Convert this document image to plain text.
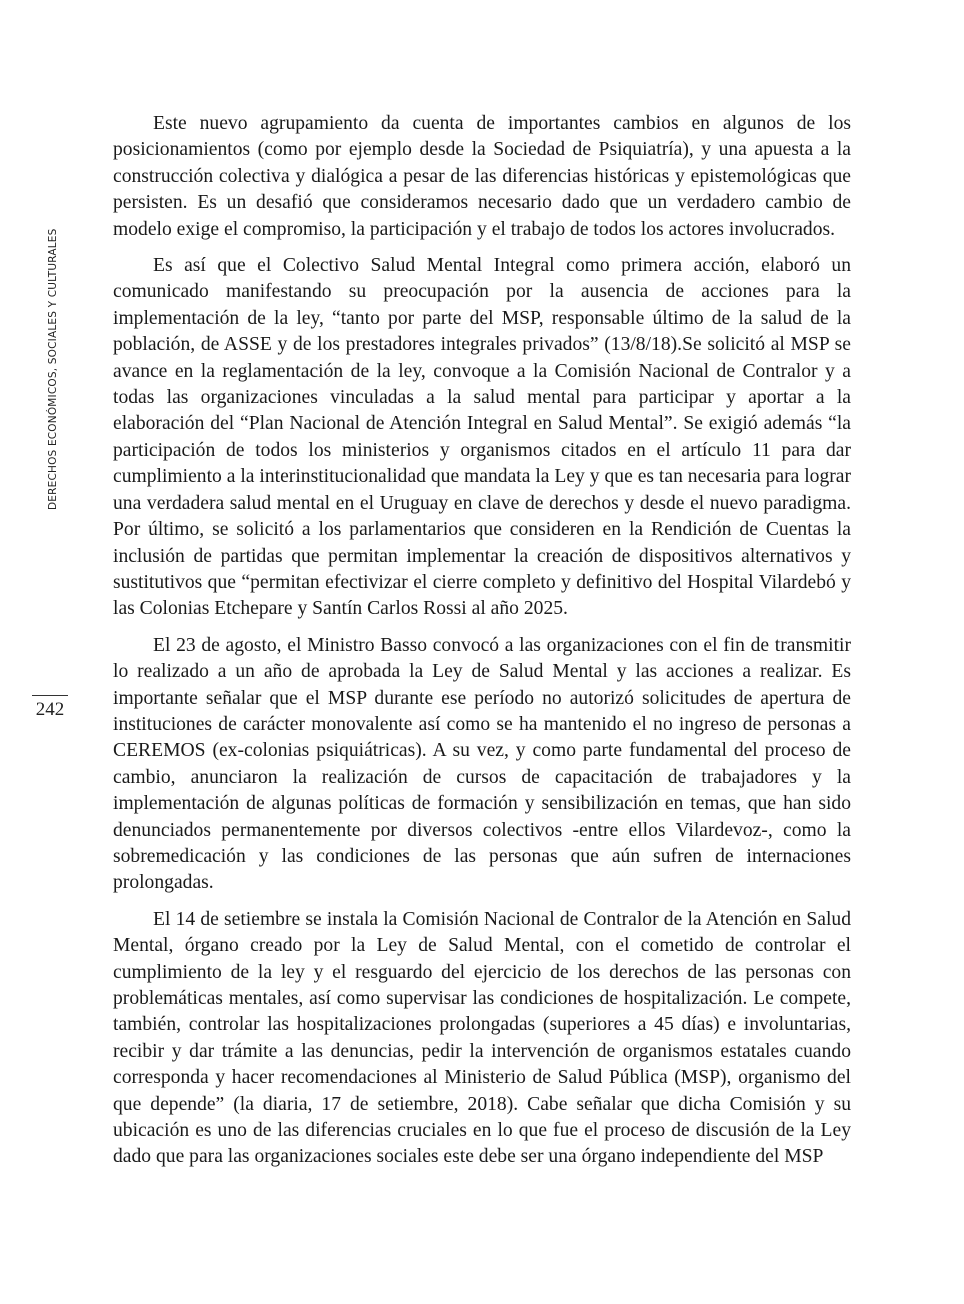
DERECHOS ECONÓMICOS, SOCIALES Y CULTURALES
242

Este nuevo agrupamiento da cuenta de importantes cambios en algunos de los posicionamientos (como por ejemplo desde la Sociedad de Psiquiatría), y una apuesta a la construcción colectiva y dialógica a pesar de las diferencias históricas y epistemológicas que persisten. Es un desafió que consideramos necesario dado que un verdadero cambio de modelo exige el compromiso, la participación y el trabajo de todos los actores involucrados.

Es así que el Colectivo Salud Mental Integral como primera acción, elaboró un comunicado manifestando su preocupación por la ausencia de acciones para la implementación de la ley, “tanto por parte del MSP, responsable último de la salud de la población, de ASSE y de los prestadores integrales privados” (13/8/18).Se solicitó al MSP se avance en la reglamentación de la ley, convoque a la Comisión Nacional de Contralor y a todas las organizaciones vinculadas a la salud mental para participar y aportar a la elaboración del “Plan Nacional de Atención Integral en Salud Mental”. Se exigió además “la participación de todos los ministerios y organismos citados en el artículo 11 para dar cumplimiento a la interinstitucionalidad que mandata la Ley y que es tan necesaria para lograr una verdadera salud mental en el Uruguay en clave de derechos y desde el nuevo paradigma. Por último, se solicitó a los parlamentarios que consideren en la Rendición de Cuentas la inclusión de partidas que permitan implementar la creación de dispositivos alternativos y sustitutivos que “permitan efectivizar el cierre completo y definitivo del Hospital Vilardebó y las Colonias Etchepare y Santín Carlos Rossi al año 2025.

El 23 de agosto, el Ministro Basso convocó a las organizaciones con el fin de transmitir lo realizado a un año de aprobada la Ley de Salud Mental y las acciones a realizar. Es importante señalar que el MSP durante ese período no autorizó solicitudes de apertura de instituciones de carácter monovalente así como se ha mantenido el no ingreso de personas a CEREMOS (ex-colonias psiquiátricas). A su vez, y como parte fundamental del proceso de cambio, anunciaron la realización de cursos de capacitación de trabajadores y la implementación de algunas políticas de formación y sensibilización en temas, que han sido denunciados permanentemente por diversos colectivos -entre ellos Vilardevoz-, como la sobremedicación y las condiciones de las personas que aún sufren de internaciones prolongadas.

El 14 de setiembre se instala la Comisión Nacional de Contralor de la Atención en Salud Mental, órgano creado por la Ley de Salud Mental, con el cometido de controlar el cumplimiento de la ley y el resguardo del ejercicio de los derechos de las personas con problemáticas mentales, así como supervisar las condiciones de hospitalización. Le compete, también, controlar las hospitalizaciones prolongadas (superiores a 45 días) e involuntarias, recibir y dar trámite a las denuncias, pedir la intervención de organismos estatales cuando corresponda y hacer recomendaciones al Ministerio de Salud Pública (MSP), organismo del que depende” (la diaria, 17 de setiembre, 2018). Cabe señalar que dicha Comisión y su ubicación es uno de las diferencias cruciales en lo que fue el proceso de discusión de la Ley dado que para las organizaciones sociales este debe ser una órgano independiente del MSP
